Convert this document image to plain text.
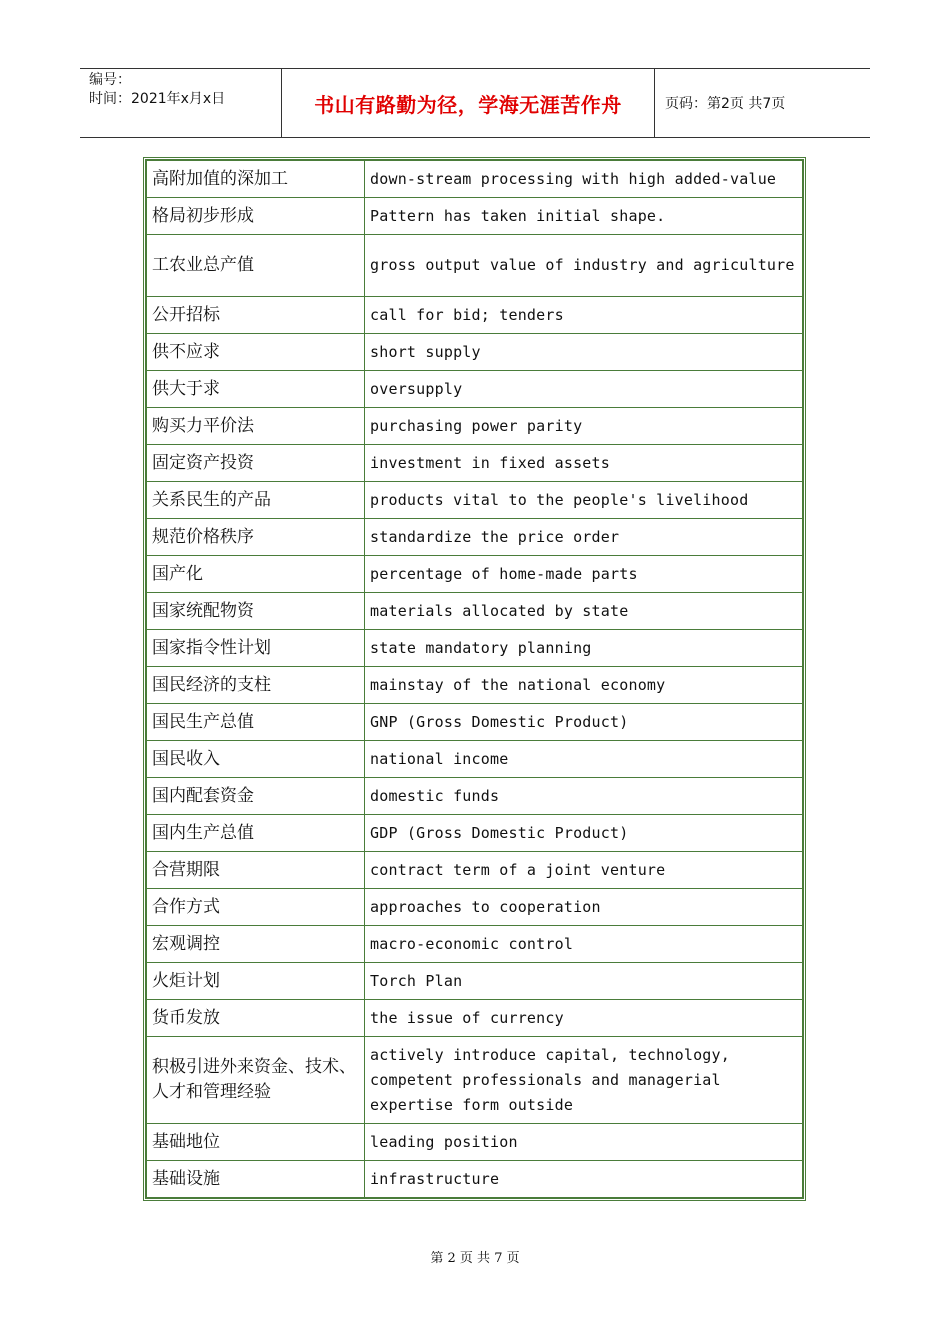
编号：
时间：2021年x月x日	书山有路勤为径，学海无涯苦作舟	页码：第2页 共7页
高附加值的深加工	down-stream processing with high added-value
格局初步形成	Pattern has taken initial shape.
工农业总产值	gross output value of industry and agriculture
公开招标	call for bid; tenders
供不应求	short supply
供大于求	oversupply
购买力平价法	purchasing power parity
固定资产投资	investment in fixed assets
关系民生的产品	products vital to the people's livelihood
规范价格秩序	standardize the price order
国产化	percentage of home-made parts
国家统配物资	materials allocated by state
国家指令性计划	state mandatory planning
国民经济的支柱	mainstay of the national economy
国民生产总值	GNP (Gross Domestic Product)
国民收入	national income
国内配套资金	domestic funds
国内生产总值	GDP (Gross Domestic Product)
合营期限	contract term of a joint venture
合作方式	approaches to cooperation
宏观调控	macro-economic control
火炬计划	Torch Plan
货币发放	the issue of currency
积极引进外来资金、技术、人才和管理经验	actively introduce capital, technology, competent professionals and managerial expertise form outside
基础地位	leading position
基础设施	infrastructure
第 2 页 共 7 页
